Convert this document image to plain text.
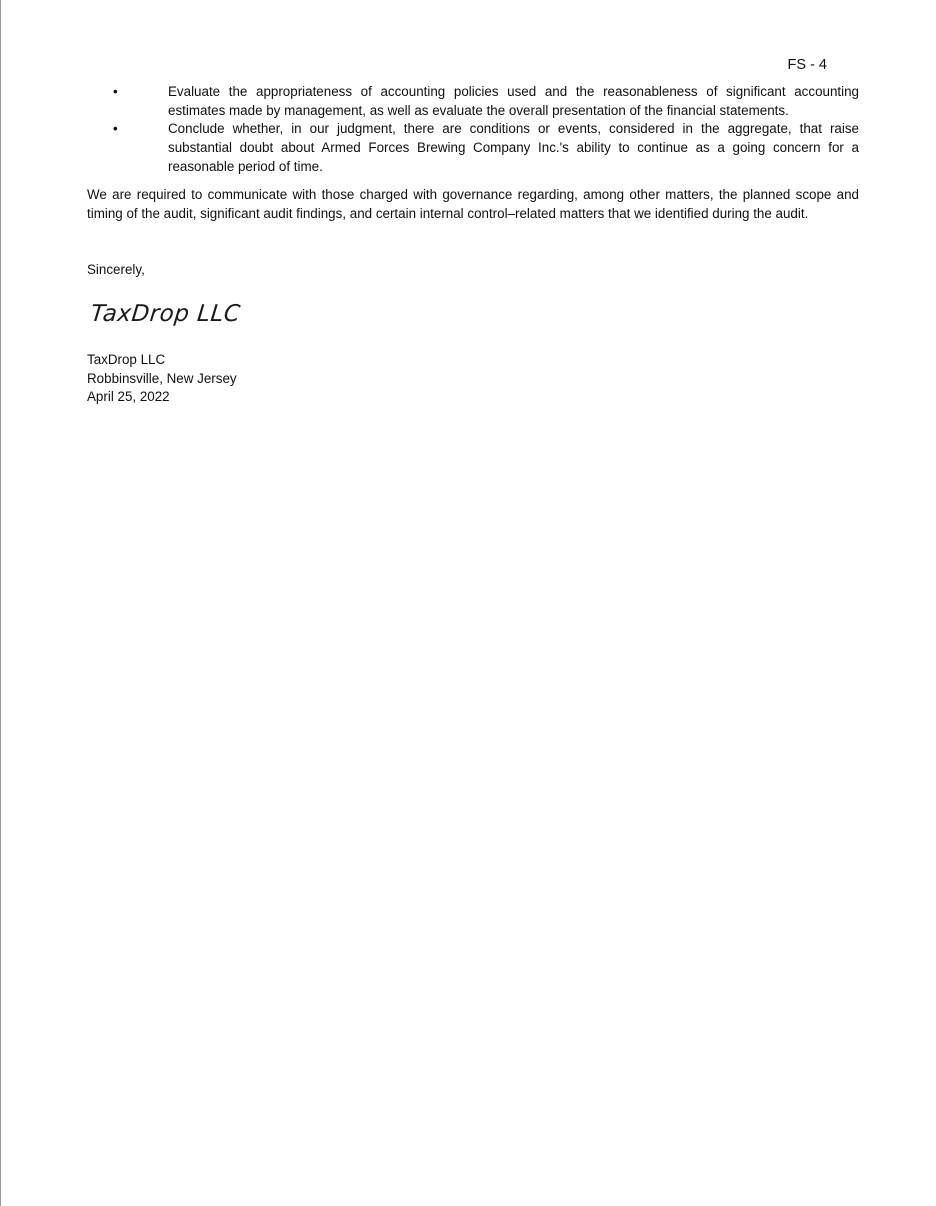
FS - 4
•	Evaluate the appropriateness of accounting policies used and the reasonableness of significant accounting estimates made by management, as well as evaluate the overall presentation of the financial statements.
•	Conclude whether, in our judgment, there are conditions or events, considered in the aggregate, that raise substantial doubt about Armed Forces Brewing Company Inc.'s ability to continue as a going concern for a reasonable period of time.

We are required to communicate with those charged with governance regarding, among other matters, the planned scope and timing of the audit, significant audit findings, and certain internal control–related matters that we identified during the audit.

Sincerely,
TaxDrop LLC
TaxDrop LLC
Robbinsville, New Jersey
April 25, 2022
